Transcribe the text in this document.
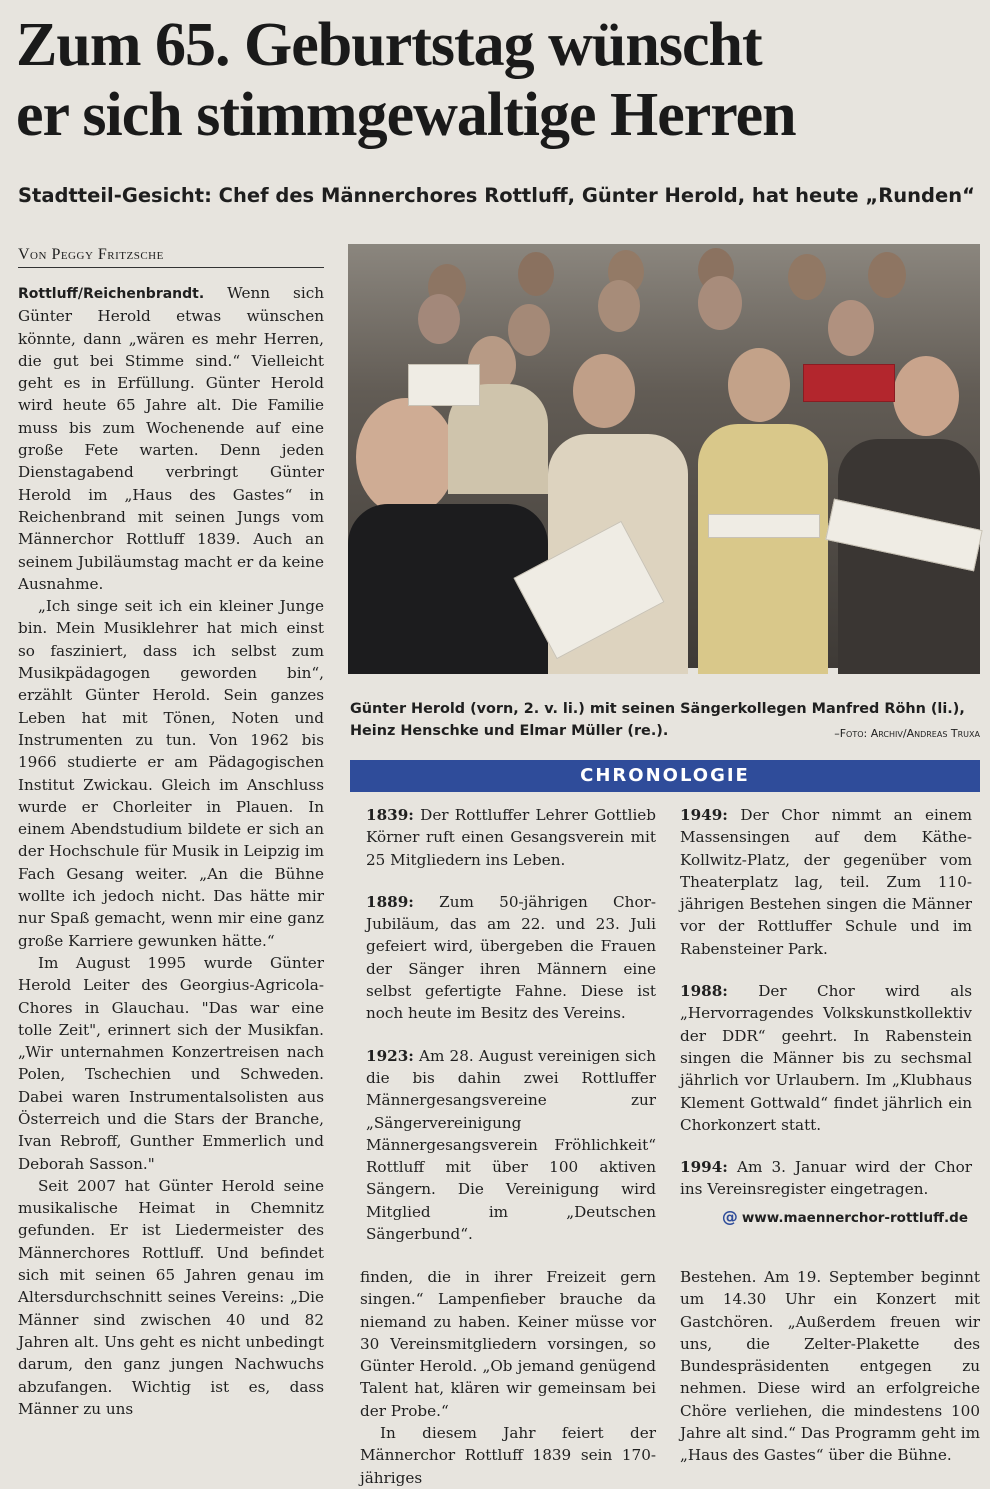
Zum 65. Geburtstag wünscht
er sich stimmgewaltige Herren

Stadtteil-Gesicht: Chef des Männerchores Rottluff, Günter Herold, hat heute „Runden“

Von Peggy Fritzsche

Rottluff/Reichenbrandt. Wenn sich Günter Herold etwas wünschen könnte, dann „wären es mehr Herren, die gut bei Stimme sind.“ Vielleicht geht es in Erfüllung. Günter Herold wird heute 65 Jahre alt. Die Familie muss bis zum Wochenende auf eine große Fete warten. Denn jeden Dienstagabend verbringt Günter Herold im „Haus des Gastes“ in Reichenbrand mit seinen Jungs vom Männerchor Rottluff 1839. Auch an seinem Jubiläumstag macht er da keine Ausnahme.

„Ich singe seit ich ein kleiner Junge bin. Mein Musiklehrer hat mich einst so fasziniert, dass ich selbst zum Musikpädagogen geworden bin“, erzählt Günter Herold. Sein ganzes Leben hat mit Tönen, Noten und Instrumenten zu tun. Von 1962 bis 1966 studierte er am Pädagogischen Institut Zwickau. Gleich im Anschluss wurde er Chorleiter in Plauen. In einem Abendstudium bildete er sich an der Hochschule für Musik in Leipzig im Fach Gesang weiter. „An die Bühne wollte ich jedoch nicht. Das hätte mir nur Spaß gemacht, wenn mir eine ganz große Karriere gewunken hätte.“

Im August 1995 wurde Günter Herold Leiter des Georgius-Agricola-Chores in Glauchau. "Das war eine tolle Zeit", erinnert sich der Musikfan. „Wir unternahmen Konzertreisen nach Polen, Tschechien und Schweden. Dabei waren Instrumentalsolisten aus Österreich und die Stars der Branche, Ivan Rebroff, Gunther Emmerlich und Deborah Sasson."

Seit 2007 hat Günter Herold seine musikalische Heimat in Chemnitz gefunden. Er ist Liedermeister des Männerchores Rottluff. Und befindet sich mit seinen 65 Jahren genau im Altersdurchschnitt seines Vereins: „Die Männer sind zwischen 40 und 82 Jahren alt. Uns geht es nicht unbedingt darum, den ganz jungen Nachwuchs abzufangen. Wichtig ist es, dass Männer zu uns

Günter Herold (vorn, 2. v. li.) mit seinen Sängerkollegen Manfred Röhn (li.), Heinz Henschke und Elmar Müller (re.).	–Foto: Archiv/Andreas Truxa
CHRONOLOGIE

1839: Der Rottluffer Lehrer Gottlieb Körner ruft einen Gesangsverein mit 25 Mitgliedern ins Leben.

1889: Zum 50-jährigen Chor-Jubiläum, das am 22. und 23. Juli gefeiert wird, übergeben die Frauen der Sänger ihren Männern eine selbst gefertigte Fahne. Diese ist noch heute im Besitz des Vereins.

1923: Am 28. August vereinigen sich die bis dahin zwei Rottluffer Männergesangsvereine zur „Sängervereinigung Männergesangsverein Fröhlichkeit“ Rottluff mit über 100 aktiven Sängern. Die Vereinigung wird Mitglied im „Deutschen Sängerbund“.

1949: Der Chor nimmt an einem Massensingen auf dem Käthe-Kollwitz-Platz, der gegenüber vom Theaterplatz lag, teil. Zum 110-jährigen Bestehen singen die Männer vor der Rottluffer Schule und im Rabensteiner Park.

1988: Der Chor wird als „Hervorragendes Volkskunstkollektiv der DDR“ geehrt. In Rabenstein singen die Männer bis zu sechsmal jährlich vor Urlaubern. Im „Klubhaus Klement Gottwald“ findet jährlich ein Chorkonzert statt.

1994: Am 3. Januar wird der Chor ins Vereinsregister eingetragen.

@ www.maennerchor-rottluff.de

finden, die in ihrer Freizeit gern singen.“ Lampenfieber brauche da niemand zu haben. Keiner müsse vor 30 Vereinsmitgliedern vorsingen, so Günter Herold. „Ob jemand genügend Talent hat, klären wir gemeinsam bei der Probe.“

In diesem Jahr feiert der Männerchor Rottluff 1839 sein 170-jähriges

Bestehen. Am 19. September beginnt um 14.30 Uhr ein Konzert mit Gastchören. „Außerdem freuen wir uns, die Zelter-Plakette des Bundespräsidenten entgegen zu nehmen. Diese wird an erfolgreiche Chöre verliehen, die mindestens 100 Jahre alt sind.“ Das Programm geht im „Haus des Gastes“ über die Bühne.
